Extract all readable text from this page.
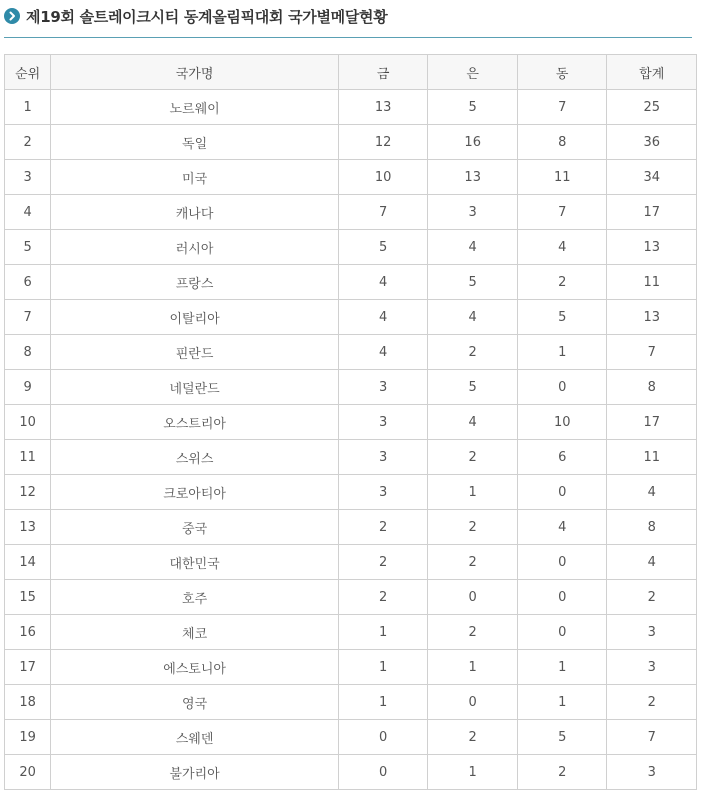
제19회 솔트레이크시티 동계올림픽대회 국가별메달현황
순위	국가명	금	은	동	합계
1	노르웨이	13	5	7	25
2	독일	12	16	8	36
3	미국	10	13	11	34
4	캐나다	7	3	7	17
5	러시아	5	4	4	13
6	프랑스	4	5	2	11
7	이탈리아	4	4	5	13
8	핀란드	4	2	1	7
9	네덜란드	3	5	0	8
10	오스트리아	3	4	10	17
11	스위스	3	2	6	11
12	크로아티아	3	1	0	4
13	중국	2	2	4	8
14	대한민국	2	2	0	4
15	호주	2	0	0	2
16	체코	1	2	0	3
17	에스토니아	1	1	1	3
18	영국	1	0	1	2
19	스웨덴	0	2	5	7
20	불가리아	0	1	2	3
